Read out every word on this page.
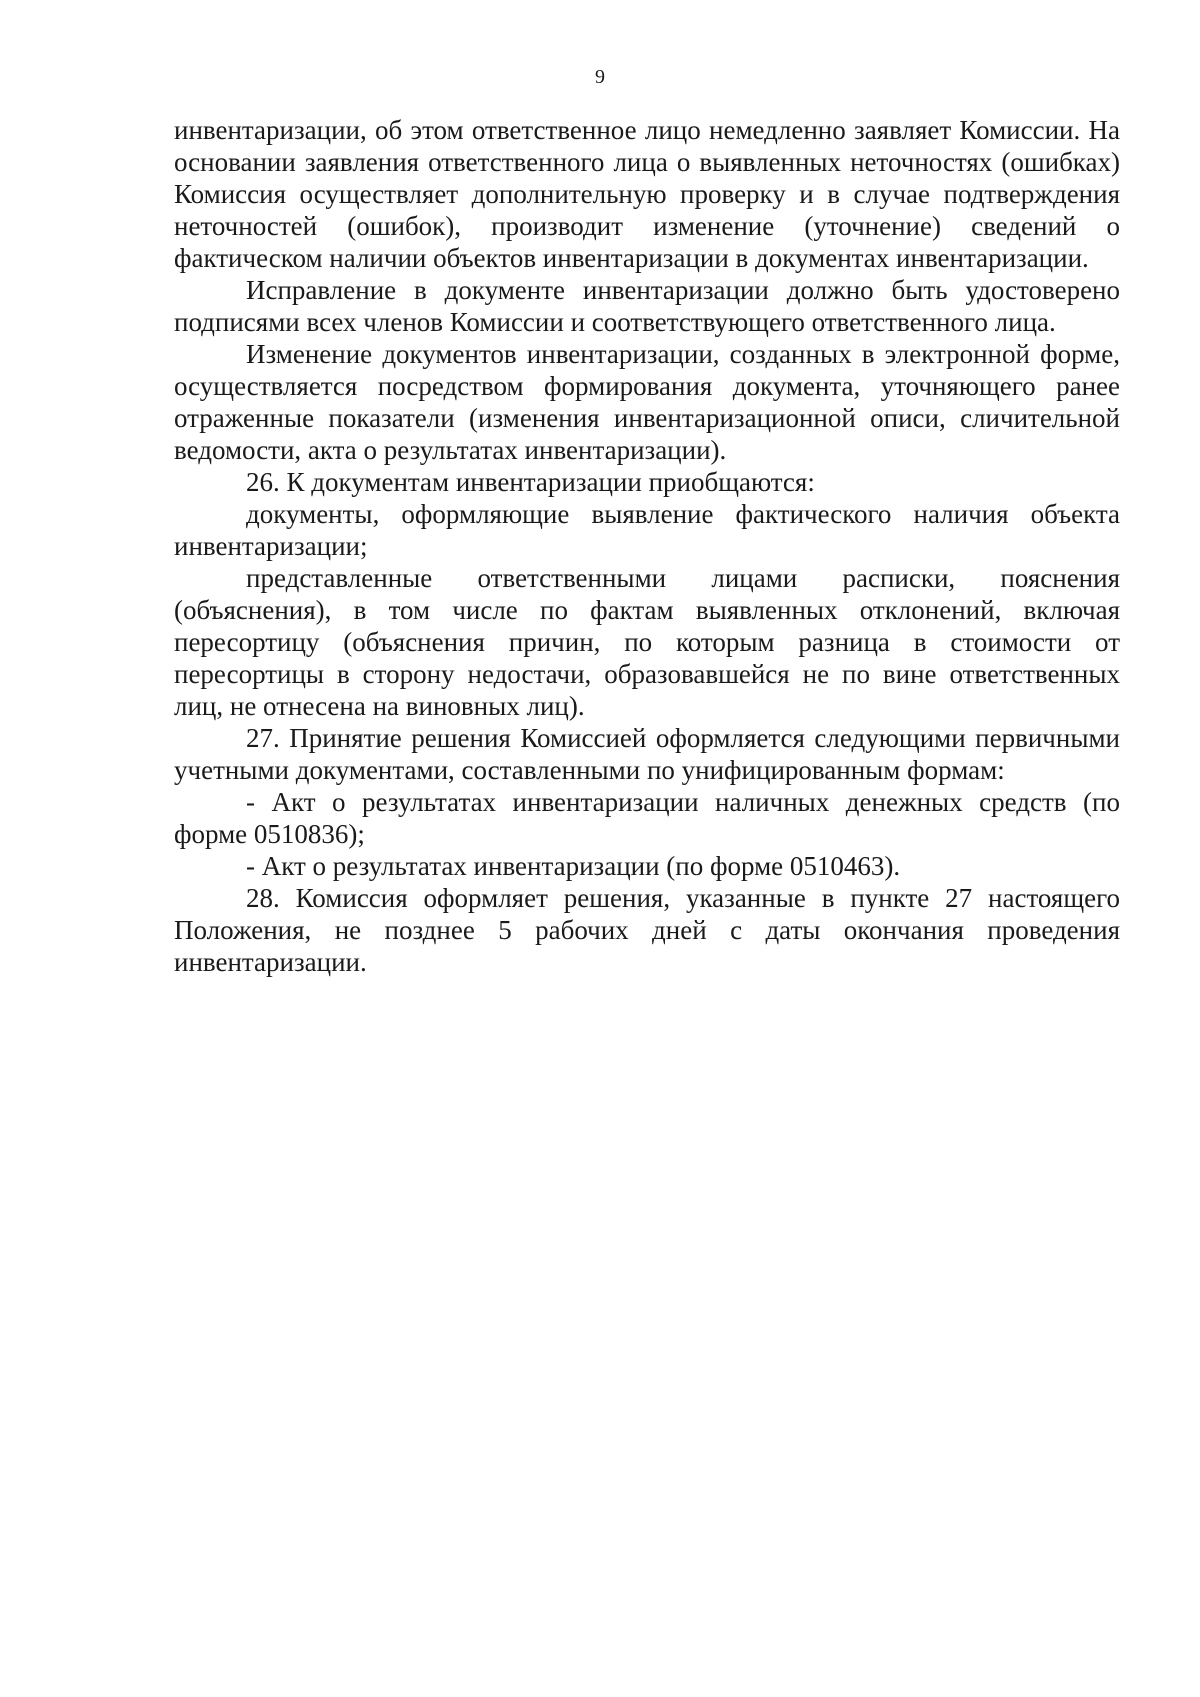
9

инвентаризации, об этом ответственное лицо немедленно заявляет Комиссии. На основании заявления ответственного лица о выявленных неточностях (ошибках) Комиссия осуществляет дополнительную проверку и в случае подтверждения неточностей (ошибок), производит изменение (уточнение) сведений о фактическом наличии объектов инвентаризации в документах инвентаризации.

Исправление в документе инвентаризации должно быть удостоверено подписями всех членов Комиссии и соответствующего ответственного лица.

Изменение документов инвентаризации, созданных в электронной форме, осуществляется посредством формирования документа, уточняющего ранее отраженные показатели (изменения инвентаризационной описи, сличительной ведомости, акта о результатах инвентаризации).

26. К документам инвентаризации приобщаются:

документы, оформляющие выявление фактического наличия объекта инвентаризации;

представленные ответственными лицами расписки, пояснения (объяснения), в том числе по фактам выявленных отклонений, включая пересортицу (объяснения причин, по которым разница в стоимости от пересортицы в сторону недостачи, образовавшейся не по вине ответственных лиц, не отнесена на виновных лиц).

27. Принятие решения Комиссией оформляется следующими первичными учетными документами, составленными по унифицированным формам:

- Акт о результатах инвентаризации наличных денежных средств (по форме 0510836);

- Акт о результатах инвентаризации (по форме 0510463).

28. Комиссия оформляет решения, указанные в пункте 27 настоящего Положения, не позднее 5 рабочих дней с даты окончания проведения инвентаризации.
